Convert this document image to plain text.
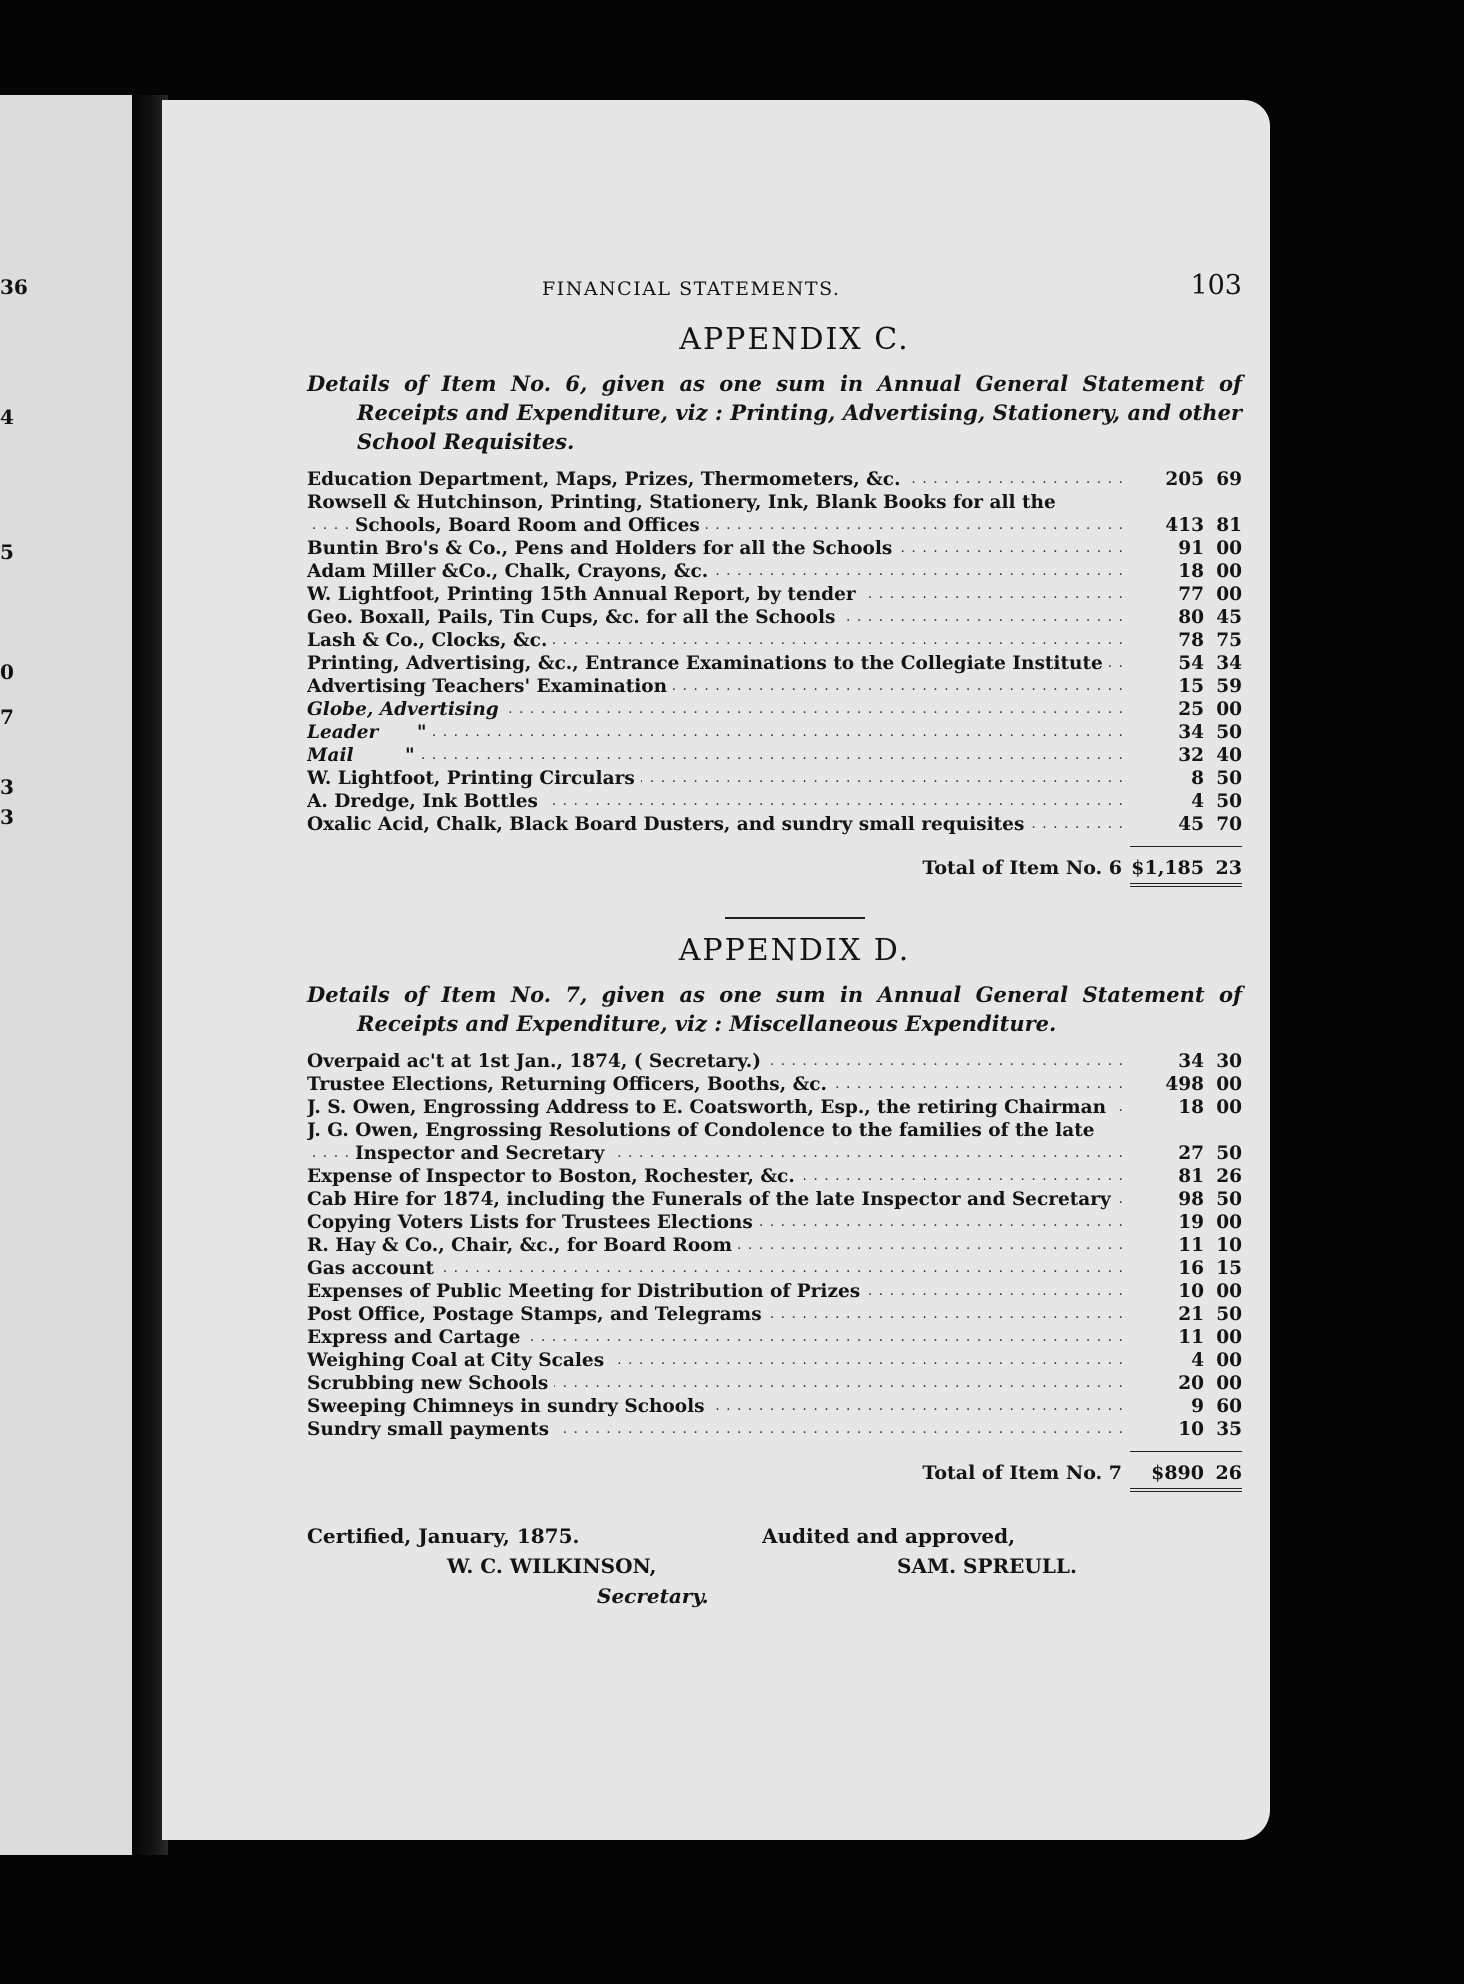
36
4
5
0
7
3
3
FINANCIAL STATEMENTS.	103
APPENDIX C.
Details of Item No. 6, given as one sum in Annual General Statement of Receipts and Expenditure, viz : Printing, Advertising, Stationery, and other School Requisites.
Education Department, Maps, Prizes, Thermometers, &c. . . .	205 69
Rowsell & Hutchinson, Printing, Stationery, Ink, Blank Books for all the Schools, Board Room and Offices . . .	413 81
Buntin Bro's & Co., Pens and Holders for all the Schools . . .	91 00
Adam Miller &Co., Chalk, Crayons, &c. . . .	18 00
W. Lightfoot, Printing 15th Annual Report, by tender . . .	77 00
Geo. Boxall, Pails, Tin Cups, &c. for all the Schools . . .	80 45
Lash & Co., Clocks, &c. . . .	78 75
Printing, Advertising, &c., Entrance Examinations to the Collegiate Institute . . .	54 34
Advertising Teachers' Examination . . .	15 59
Globe, Advertising . . .	25 00
Leader      " . . .	34 50
Mail        " . . .	32 40
W. Lightfoot, Printing Circulars . . .	8 50
A. Dredge, Ink Bottles . . .	4 50
Oxalic Acid, Chalk, Black Board Dusters, and sundry small requisites . . .	45 70
Total of Item No. 6 $1,185 23
APPENDIX D.
Details of Item No. 7, given as one sum in Annual General Statement of Receipts and Expenditure, viz : Miscellaneous Expenditure.
Overpaid ac't at 1st Jan., 1874, ( Secretary.) . . .	34 30
Trustee Elections, Returning Officers, Booths, &c. . . .	498 00
J. S. Owen, Engrossing Address to E. Coatsworth, Esp., the retiring Chairman . . .	18 00
J. G. Owen, Engrossing Resolutions of Condolence to the families of the late Inspector and Secretary . . .	27 50
Expense of Inspector to Boston, Rochester, &c. . . .	81 26
Cab Hire for 1874, including the Funerals of the late Inspector and Secretary . . .	98 50
Copying Voters Lists for Trustees Elections . . .	19 00
R. Hay & Co., Chair, &c., for Board Room . . .	11 10
Gas account . . .	16 15
Expenses of Public Meeting for Distribution of Prizes . . .	10 00
Post Office, Postage Stamps, and Telegrams . . .	21 50
Express and Cartage . . .	11 00
Weighing Coal at City Scales . . .	4 00
Scrubbing new Schools . . .	20 00
Sweeping Chimneys in sundry Schools . . .	9 60
Sundry small payments . . .	10 35
Total of Item No. 7	$890 26
Certified, January, 1875.	Audited and approved,
W. C. WILKINSON,	SAM. SPREULL.
Secretary.
